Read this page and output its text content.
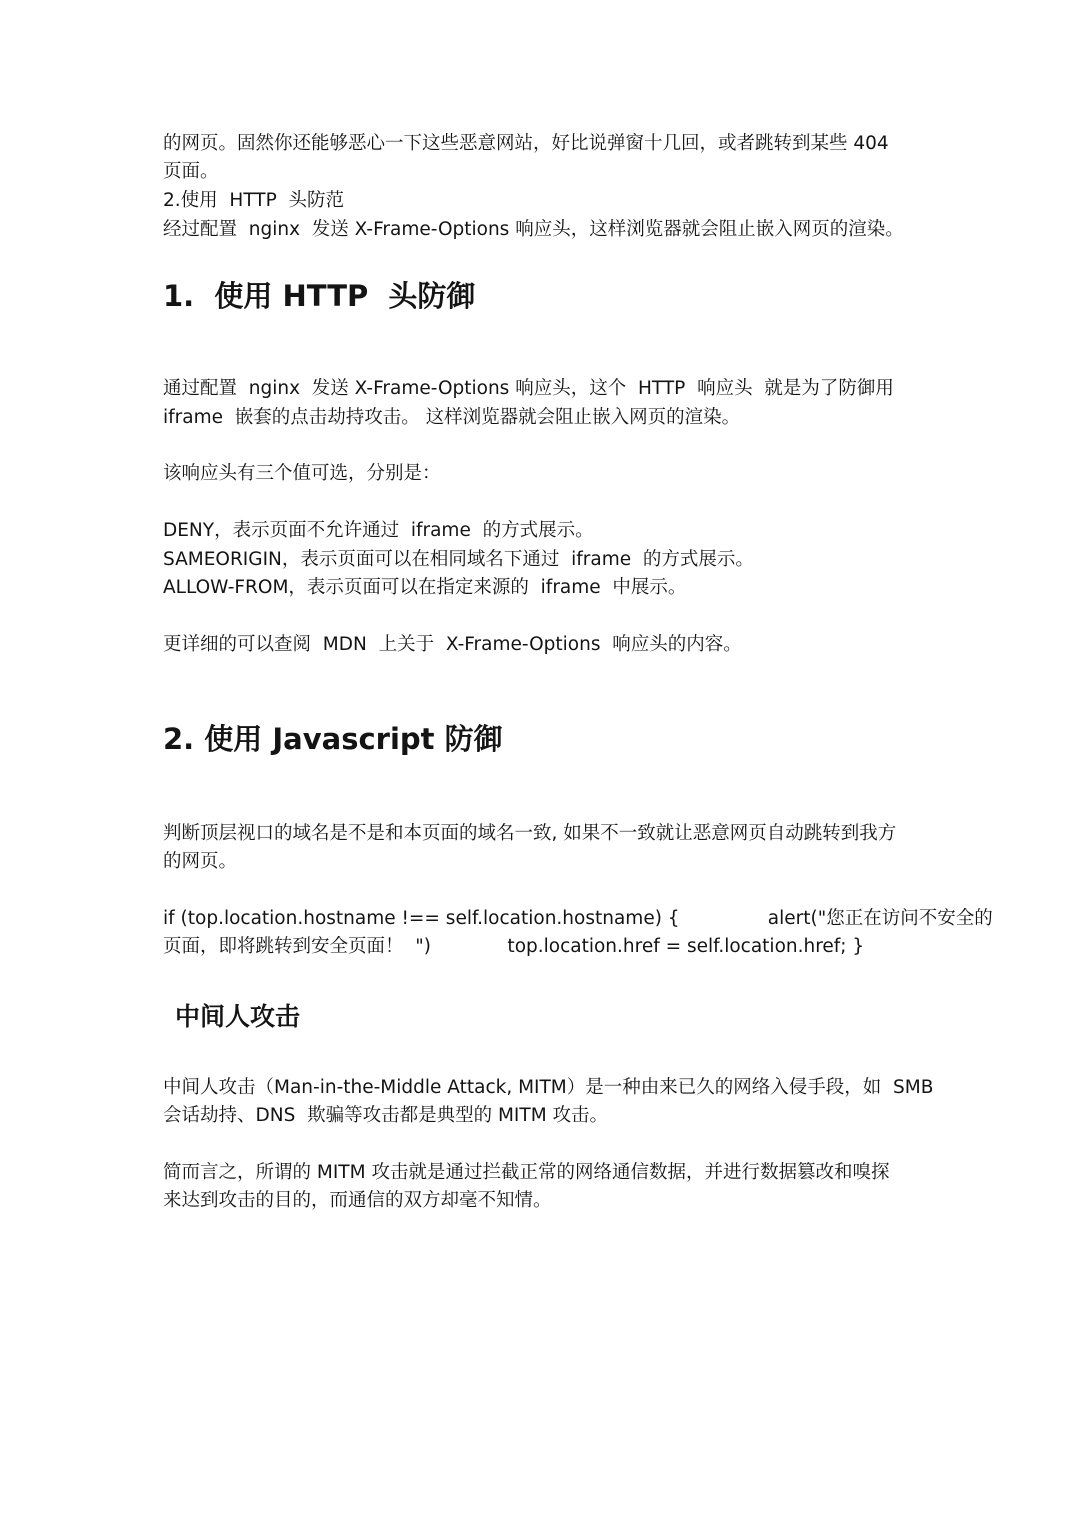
的网页。固然你还能够恶心一下这些恶意网站，好比说弹窗十几回，或者跳转到某些 404
页面。
2.使用  HTTP  头防范
经过配置  nginx  发送 X-Frame-Options 响应头，这样浏览器就会阻止嵌入网页的渲染。
1.  使用 HTTP  头防御
通过配置  nginx  发送 X-Frame-Options 响应头，这个  HTTP  响应头  就是为了防御用
iframe  嵌套的点击劫持攻击。 这样浏览器就会阻止嵌入网页的渲染。
该响应头有三个值可选，分别是：
DENY，表示页面不允许通过  iframe  的方式展示。
SAMEORIGIN，表示页面可以在相同域名下通过  iframe  的方式展示。
ALLOW-FROM，表示页面可以在指定来源的  iframe  中展示。
更详细的可以查阅  MDN  上关于  X-Frame-Options  响应头的内容。
2. 使用 Javascript 防御
判断顶层视口的域名是不是和本页面的域名一致, 如果不一致就让恶意网页自动跳转到我方
的网页。
if (top.location.hostname !== self.location.hostname) {               alert("您正在访问不安全的
页面，即将跳转到安全页面！  ")             top.location.href = self.location.href; }
中间人攻击
中间人攻击（Man-in-the-Middle Attack, MITM）是一种由来已久的网络入侵手段，如  SMB
会话劫持、DNS  欺骗等攻击都是典型的 MITM 攻击。
简而言之，所谓的 MITM 攻击就是通过拦截正常的网络通信数据，并进行数据篡改和嗅探
来达到攻击的目的，而通信的双方却毫不知情。
